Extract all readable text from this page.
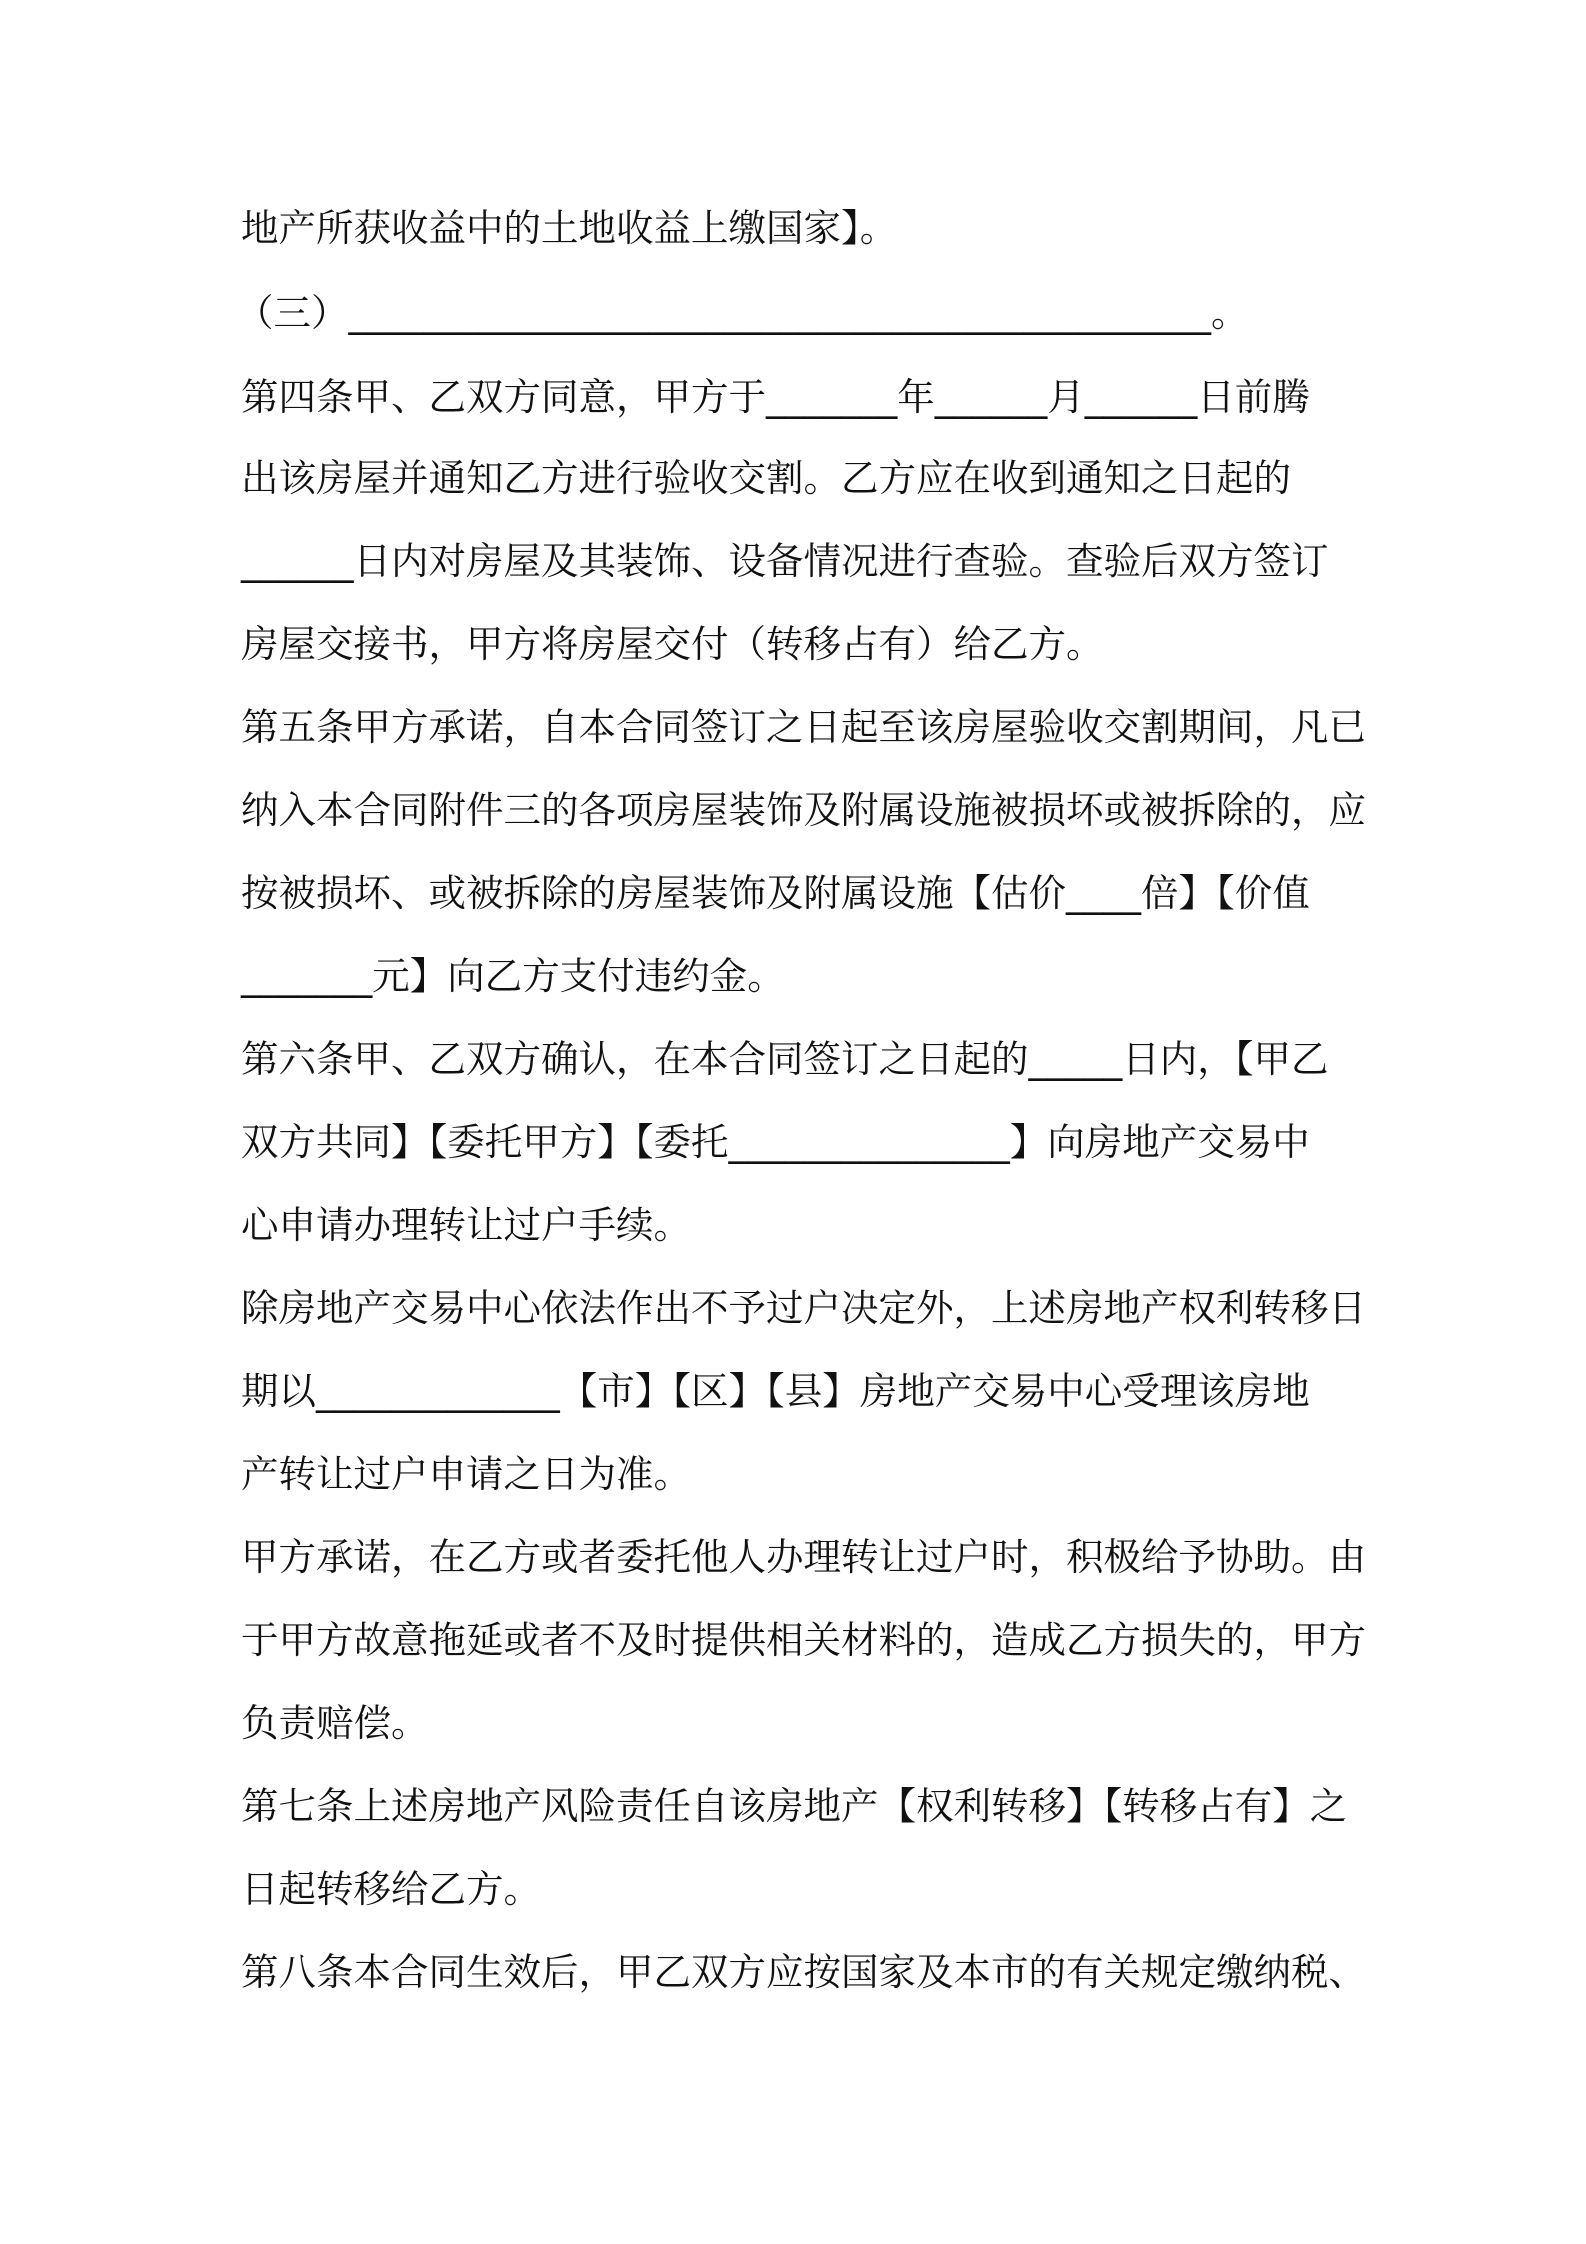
地产所获收益中的土地收益上缴国家】。
（三）______________________________________________。
第四条甲、乙双方同意，甲方于_______年______月______日前腾
出该房屋并通知乙方进行验收交割。乙方应在收到通知之日起的
______日内对房屋及其装饰、设备情况进行查验。查验后双方签订
房屋交接书，甲方将房屋交付（转移占有）给乙方。
第五条甲方承诺，自本合同签订之日起至该房屋验收交割期间，凡已
纳入本合同附件三的各项房屋装饰及附属设施被损坏或被拆除的，应
按被损坏、或被拆除的房屋装饰及附属设施【估价____倍】【价值
_______元】向乙方支付违约金。
第六条甲、乙双方确认，在本合同签订之日起的_____日内，【甲乙
双方共同】【委托甲方】【委托_______________】向房地产交易中
心申请办理转让过户手续。
除房地产交易中心依法作出不予过户决定外，上述房地产权利转移日
期以_____________【市】【区】【县】房地产交易中心受理该房地
产转让过户申请之日为准。
甲方承诺，在乙方或者委托他人办理转让过户时，积极给予协助。由
于甲方故意拖延或者不及时提供相关材料的，造成乙方损失的，甲方
负责赔偿。
第七条上述房地产风险责任自该房地产【权利转移】【转移占有】之
日起转移给乙方。
第八条本合同生效后，甲乙双方应按国家及本市的有关规定缴纳税、
